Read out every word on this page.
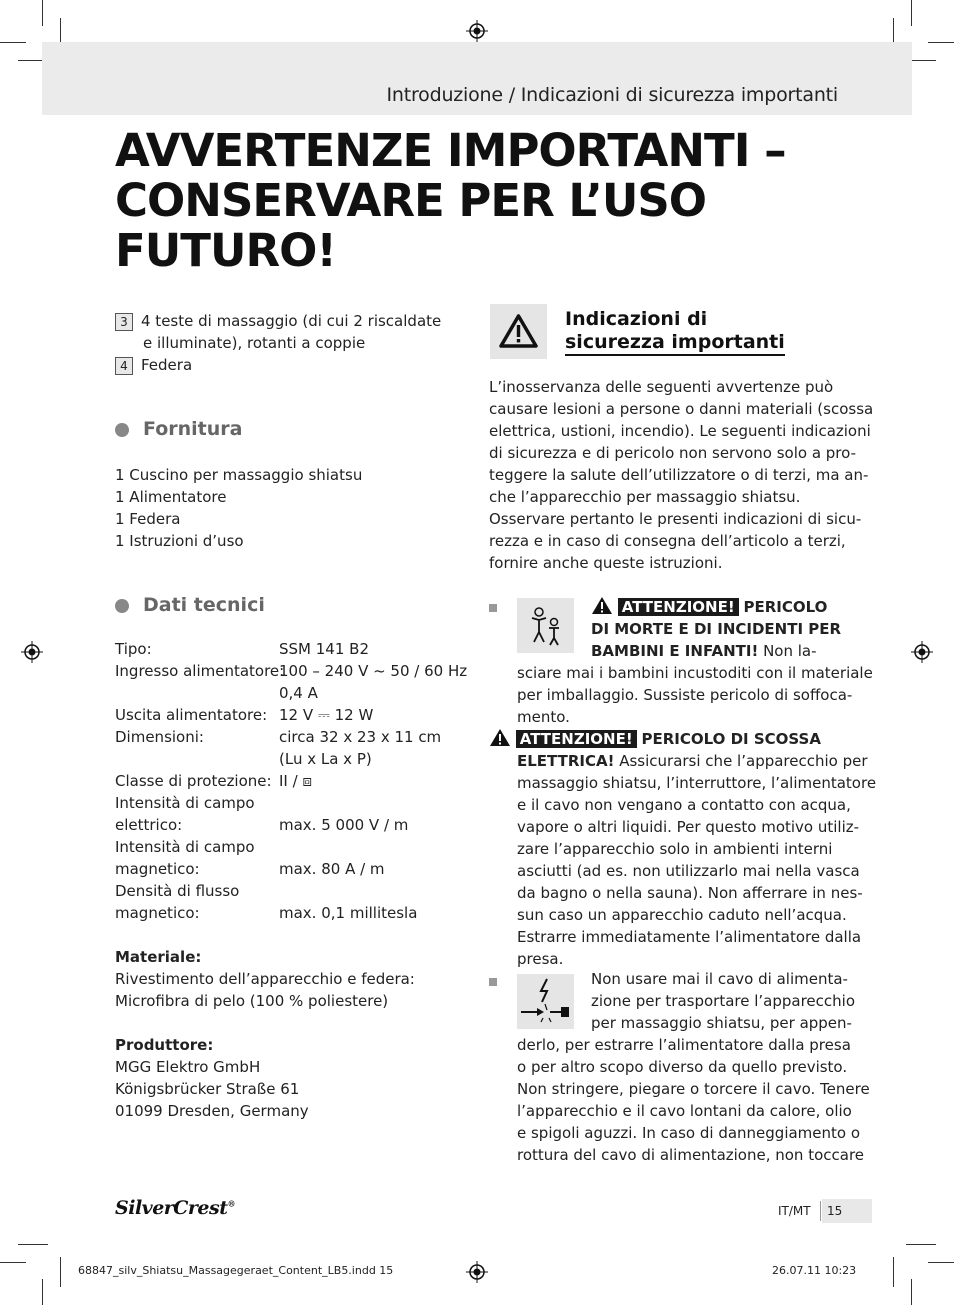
Introduzione / Indicazioni di sicurezza importanti
AVVERTENZE IMPORTANTI – CONSERVARE PER L’USO FUTURO!
3 4 teste di massaggio (di cui 2 riscaldate
e illuminate), rotanti a coppie
4 Federa
Fornitura
1 Cuscino per massaggio shiatsu
1 Alimentatore
1 Federa
1 Istruzioni d’uso
Dati tecnici
Tipo:	SSM 141 B2
Ingresso alimentatore:
100 – 240 V ~ 50 / 60 Hz
0,4 A
Uscita alimentatore: 12 V ⎓ 12 W
Dimensioni:	circa 32 x 23 x 11 cm
(Lu x La x P)
Classe di protezione: II / ⧈
Intensità di campo
elettrico:	max. 5 000 V / m
Intensità di campo
magnetico:	max. 80 A / m
Densità di flusso
magnetico:	max. 0,1 millitesla
Materiale:
Rivestimento dell’apparecchio e federa:
Microfibra di pelo (100 % poliestere)
Produttore:
MGG Elektro GmbH
Königsbrücker Straße 61
01099 Dresden, Germany
Indicazioni di
sicurezza importanti
L’inosservanza delle seguenti avvertenze può
causare lesioni a persone o danni materiali (scossa
elettrica, ustioni, incendio). Le seguenti indicazioni
di sicurezza e di pericolo non servono solo a pro-
teggere la salute dell’utilizzatore o di terzi, ma an-
che l’apparecchio per massaggio shiatsu.
Osservare pertanto le presenti indicazioni di sicu-
rezza e in caso di consegna dell’articolo a terzi,
fornire anche queste istruzioni.
ATTENZIONE! PERICOLO
DI MORTE E DI INCIDENTI PER
BAMBINI E INFANTI! Non la-
sciare mai i bambini incustoditi con il materiale
per imballaggio. Sussiste pericolo di soffoca-
mento.
ATTENZIONE! PERICOLO DI SCOSSA
ELETTRICA! Assicurarsi che l’apparecchio per
massaggio shiatsu, l’interruttore, l’alimentatore
e il cavo non vengano a contatto con acqua,
vapore o altri liquidi. Per questo motivo utiliz-
zare l’apparecchio solo in ambienti interni
asciutti (ad es. non utilizzarlo mai nella vasca
da bagno o nella sauna). Non afferrare in nes-
sun caso un apparecchio caduto nell’acqua.
Estrarre immediatamente l’alimentatore dalla
presa.
Non usare mai il cavo di alimenta-
zione per trasportare l’apparecchio
per massaggio shiatsu, per appen-
derlo, per estrarre l’alimentatore dalla presa
o per altro scopo diverso da quello previsto.
Non stringere, piegare o torcere il cavo. Tenere
l’apparecchio e il cavo lontani da calore, olio
e spigoli aguzzi. In caso di danneggiamento o
rottura del cavo di alimentazione, non toccare
SilverCrest®
IT/MT 15
68847_silv_Shiatsu_Massagegeraet_Content_LB5.indd 15	26.07.11 10:23
